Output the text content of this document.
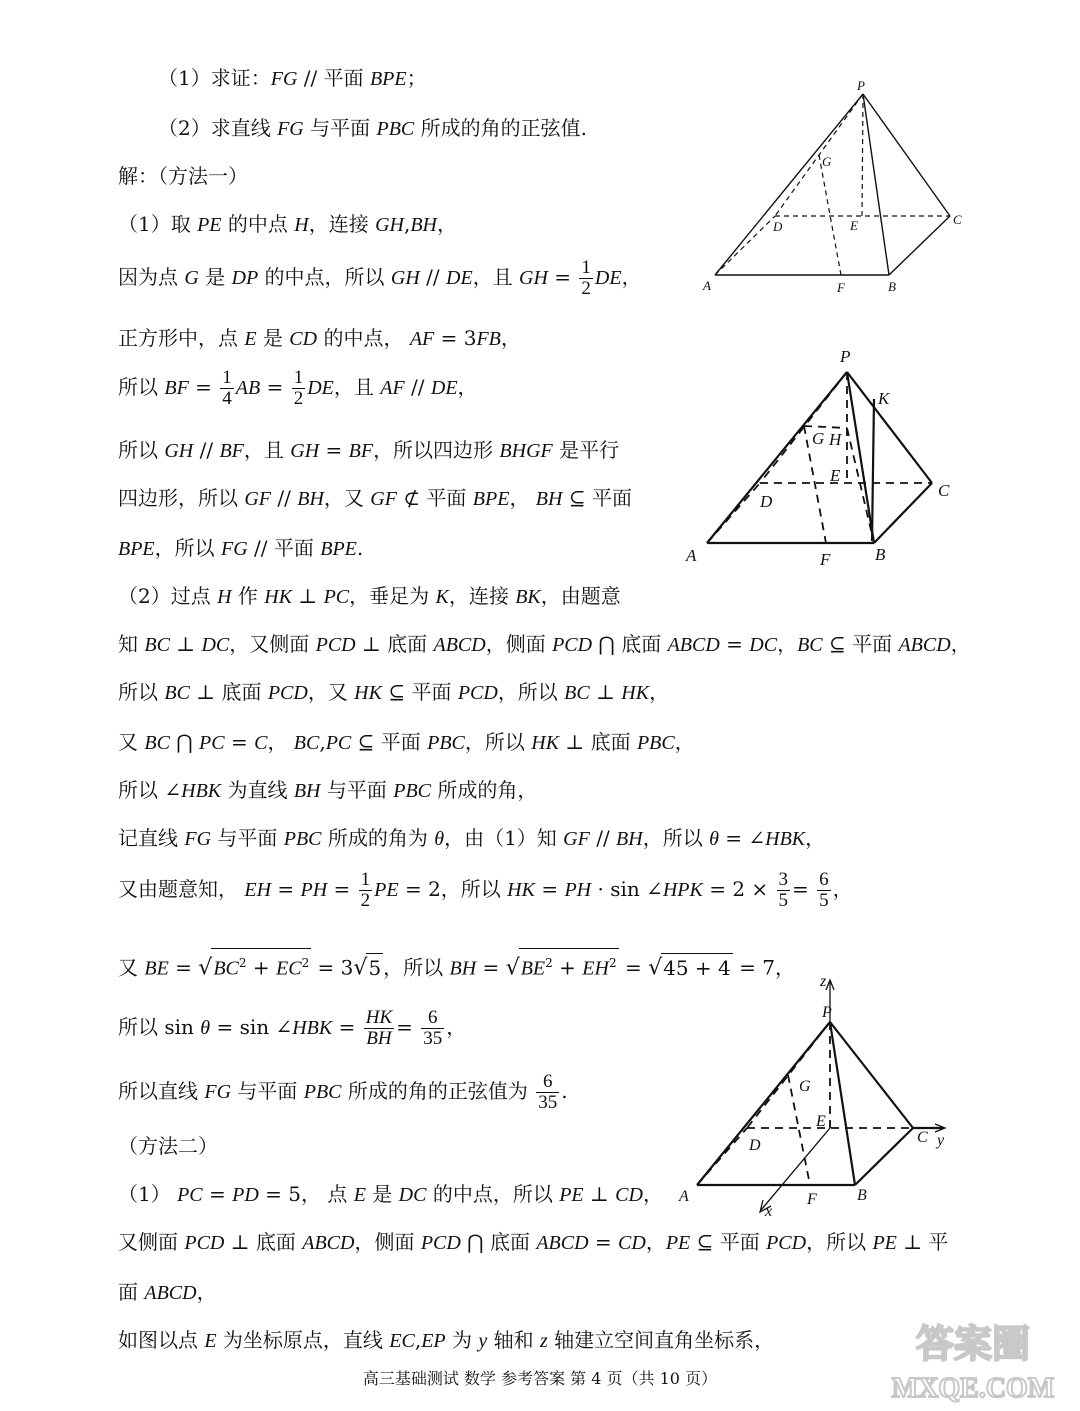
（1）求证：FG // 平面 BPE；
（2）求直线 FG 与平面 PBC 所成的角的正弦值.
解：（方法一）
（1）取 PE 的中点 H，连接 GH,BH，
因为点 G 是 DP 的中点，所以 GH // DE，且 GH = $\frac{1}{2}$ DE，
正方形中，点 E 是 CD 的中点， AF = 3FB，
所以 BF = $\frac{1}{4}$ AB = $\frac{1}{2}$ DE，且 AF // DE，
所以 GH // BF，且 GH = BF，所以四边形 BHGF 是平行
四边形，所以 GF // BH，又 GF ⊄ 平面 BPE， BH ⊆ 平面
BPE，所以 FG // 平面 BPE.
（2）过点 H 作 HK ⊥ PC，垂足为 K，连接 BK，由题意
知 BC ⊥ DC，又侧面 PCD ⊥ 底面 ABCD，侧面 PCD ⋂ 底面 ABCD = DC，BC ⊆ 平面 ABCD，
所以 BC ⊥ 底面 PCD，又 HK ⊆ 平面 PCD，所以 BC ⊥ HK，
又 BC ⋂ PC = C， BC,PC ⊆ 平面 PBC，所以 HK ⊥ 底面 PBC，
所以 ∠HBK 为直线 BH 与平面 PBC 所成的角，
记直线 FG 与平面 PBC 所成的角为 θ，由（1）知 GF // BH，所以 θ = ∠HBK，
又由题意知， EH = PH = $\frac{1}{2}$ PE = 2，所以 HK = PH · sin ∠HPK = $2 \times \frac{3}{5} = \frac{6}{5}$ ，
又 BE = $√BC^2 + EC^2 = 3√5$ ，所以 BH = $√BE^2 + EH^2 = √45 + 4 = 7$，
所以 sin θ = sin ∠HBK = $\frac{HK}{BH} = \frac{6}{35}$ ，
所以直线 FG 与平面 PBC 所成的角的正弦值为 $\frac{6}{35}$ .
（方法二）
（1） PC = PD = 5， 点 E 是 DC 的中点，所以 PE ⊥ CD，
又侧面 PCD ⊥ 底面 ABCD，侧面 PCD ⋂ 底面 ABCD = CD，PE ⊆ 平面 PCD，所以 PE ⊥ 平
面 ABCD，
如图以点 E 为坐标原点，直线 EC,EP 为 y 轴和 z 轴建立空间直角坐标系，
P
G
D	E	C
A	F	B
P
K
G H
E
D
C
A	F	B
z
P
G
E
D	C y
A	F	B
x
高三基础测试 数学 参考答案 第 4 页（共 10 页）
答案圈
MXQE.COM
